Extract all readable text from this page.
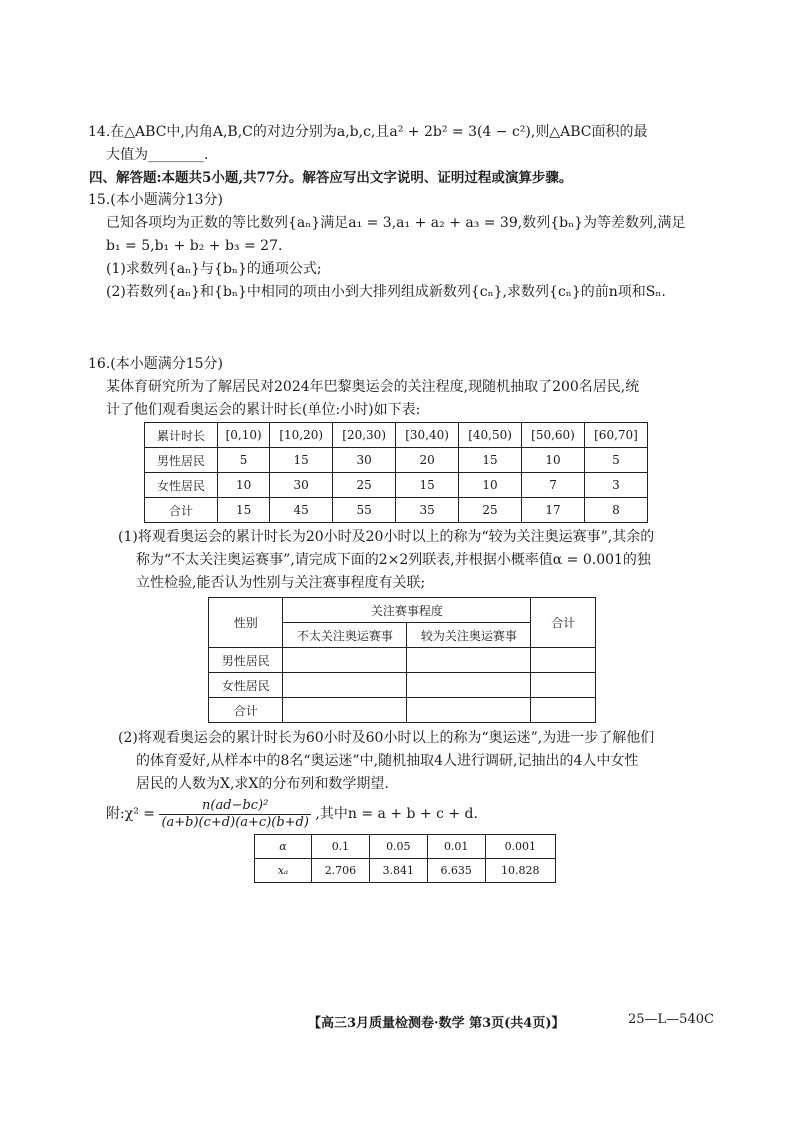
14.在△ABC中,内角A,B,C的对边分别为a,b,c,且a² + 2b² = 3(4 − c²),则△ABC面积的最
大值为________.
四、解答题:本题共5小题,共77分。解答应写出文字说明、证明过程或演算步骤。
15.(本小题满分13分)
已知各项均为正数的等比数列{aₙ}满足a₁ = 3,a₁ + a₂ + a₃ = 39,数列{bₙ}为等差数列,满足
b₁ = 5,b₁ + b₂ + b₃ = 27.
(1)求数列{aₙ}与{bₙ}的通项公式;
(2)若数列{aₙ}和{bₙ}中相同的项由小到大排列组成新数列{cₙ},求数列{cₙ}的前n项和Sₙ.
16.(本小题满分15分)
某体育研究所为了解居民对2024年巴黎奥运会的关注程度,现随机抽取了200名居民,统
计了他们观看奥运会的累计时长(单位:小时)如下表:
累计时长	[0,10)	[10,20)	[20,30)	[30,40)	[40,50)	[50,60)	[60,70]
男性居民	5	15	30	20	15	10	5
女性居民	10	30	25	15	10	7	3
合计	15	45	55	35	25	17	8
(1)将观看奥运会的累计时长为20小时及20小时以上的称为“较为关注奥运赛事”,其余的
称为“不太关注奥运赛事”,请完成下面的2×2列联表,并根据小概率值α = 0.001的独
立性检验,能否认为性别与关注赛事程度有关联;
性别	关注赛事程度		合计
	不太关注奥运赛事	较为关注奥运赛事	
男性居民			
女性居民			
合计			
(2)将观看奥运会的累计时长为60小时及60小时以上的称为“奥运迷”,为进一步了解他们
的体育爱好,从样本中的8名“奥运迷”中,随机抽取4人进行调研,记抽出的4人中女性
居民的人数为X,求X的分布列和数学期望.
附:χ² = $\frac{\text{n(ad−bc)²}}{(a+b)(c+d)(a+c)(b+d)}$ ,其中n = a + b + c + d.
α	0.1	0.05	0.01	0.001
xₐ	2.706	3.841	6.635	10.828
【高三3月质量检测卷·数学 第3页(共4页)】	25—L—540C
